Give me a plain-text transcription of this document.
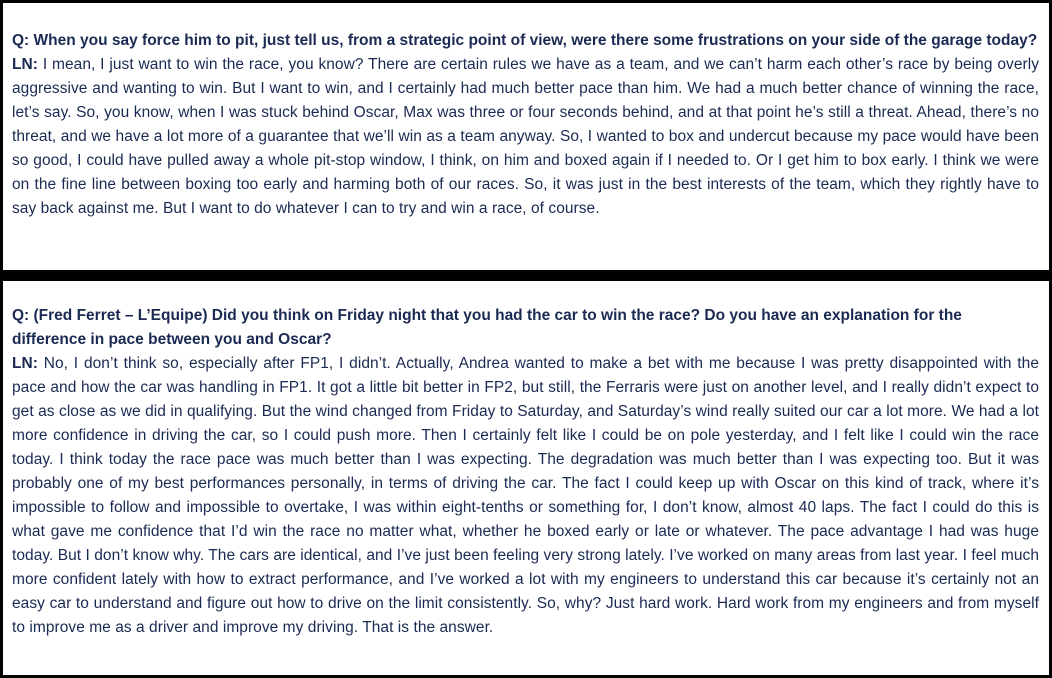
Q: When you say force him to pit, just tell us, from a strategic point of view, were there some frustrations on your side of the garage today?

LN: I mean, I just want to win the race, you know? There are certain rules we have as a team, and we can’t harm each other’s race by being overly aggressive and wanting to win. But I want to win, and I certainly had much better pace than him. We had a much better chance of winning the race, let’s say. So, you know, when I was stuck behind Oscar, Max was three or four seconds behind, and at that point he’s still a threat. Ahead, there’s no threat, and we have a lot more of a guarantee that we’ll win as a team anyway. So, I wanted to box and undercut because my pace would have been so good, I could have pulled away a whole pit-stop window, I think, on him and boxed again if I needed to. Or I get him to box early. I think we were on the fine line between boxing too early and harming both of our races. So, it was just in the best interests of the team, which they rightly have to say back against me. But I want to do whatever I can to try and win a race, of course.

Q: (Fred Ferret – L’Equipe) Did you think on Friday night that you had the car to win the race? Do you have an explanation for the difference in pace between you and Oscar?

LN: No, I don’t think so, especially after FP1, I didn’t. Actually, Andrea wanted to make a bet with me because I was pretty disappointed with the pace and how the car was handling in FP1. It got a little bit better in FP2, but still, the Ferraris were just on another level, and I really didn’t expect to get as close as we did in qualifying. But the wind changed from Friday to Saturday, and Saturday’s wind really suited our car a lot more. We had a lot more confidence in driving the car, so I could push more. Then I certainly felt like I could be on pole yesterday, and I felt like I could win the race today. I think today the race pace was much better than I was expecting. The degradation was much better than I was expecting too. But it was probably one of my best performances personally, in terms of driving the car. The fact I could keep up with Oscar on this kind of track, where it’s impossible to follow and impossible to overtake, I was within eight-tenths or something for, I don’t know, almost 40 laps. The fact I could do this is what gave me confidence that I’d win the race no matter what, whether he boxed early or late or whatever. The pace advantage I had was huge today. But I don’t know why. The cars are identical, and I’ve just been feeling very strong lately. I’ve worked on many areas from last year. I feel much more confident lately with how to extract performance, and I’ve worked a lot with my engineers to understand this car because it’s certainly not an easy car to understand and figure out how to drive on the limit consistently. So, why? Just hard work. Hard work from my engineers and from myself to improve me as a driver and improve my driving. That is the answer.
